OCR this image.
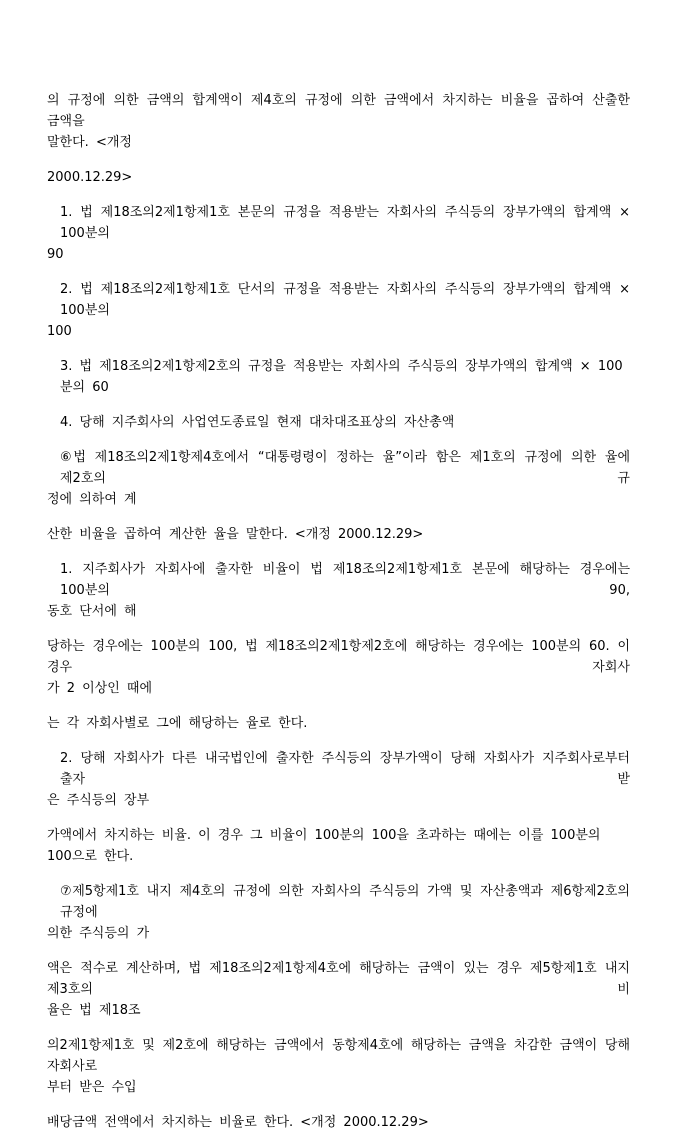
의 규정에 의한 금액의 합계액이 제4호의 규정에 의한 금액에서 차지하는 비율을 곱하여 산출한 금액을
말한다. <개정
2000.12.29>
1. 법 제18조의2제1항제1호 본문의 규정을 적용받는 자회사의 주식등의 장부가액의 합계액 × 100분의
90
2. 법 제18조의2제1항제1호 단서의 규정을 적용받는 자회사의 주식등의 장부가액의 합계액 × 100분의
100
3. 법 제18조의2제1항제2호의 규정을 적용받는 자회사의 주식등의 장부가액의 합계액 × 100분의 60
4. 당해 지주회사의 사업연도종료일 현재 대차대조표상의 자산총액
⑥법 제18조의2제1항제4호에서 “대통령령이 정하는 율”이라 함은 제1호의 규정에 의한 율에 제2호의 규
정에 의하여 계
산한 비율을 곱하여 계산한 율을 말한다. <개정 2000.12.29>
1. 지주회사가 자회사에 출자한 비율이 법 제18조의2제1항제1호 본문에 해당하는 경우에는 100분의 90,
동호 단서에 해
당하는 경우에는 100분의 100, 법 제18조의2제1항제2호에 해당하는 경우에는 100분의 60. 이 경우 자회사
가 2 이상인 때에
는 각 자회사별로 그에 해당하는 율로 한다.
2. 당해 자회사가 다른 내국법인에 출자한 주식등의 장부가액이 당해 자회사가 지주회사로부터 출자 받
은 주식등의 장부
가액에서 차지하는 비율. 이 경우 그 비율이 100분의 100을 초과하는 때에는 이를 100분의 100으로 한다.
⑦제5항제1호 내지 제4호의 규정에 의한 자회사의 주식등의 가액 및 자산총액과 제6항제2호의 규정에
의한 주식등의 가
액은 적수로 계산하며, 법 제18조의2제1항제4호에 해당하는 금액이 있는 경우 제5항제1호 내지 제3호의 비
율은 법 제18조
의2제1항제1호 및 제2호에 해당하는 금액에서 동항제4호에 해당하는 금액을 차감한 금액이 당해 자회사로
부터 받은 수입
배당금액 전액에서 차지하는 비율로 한다. <개정 2000.12.29>
